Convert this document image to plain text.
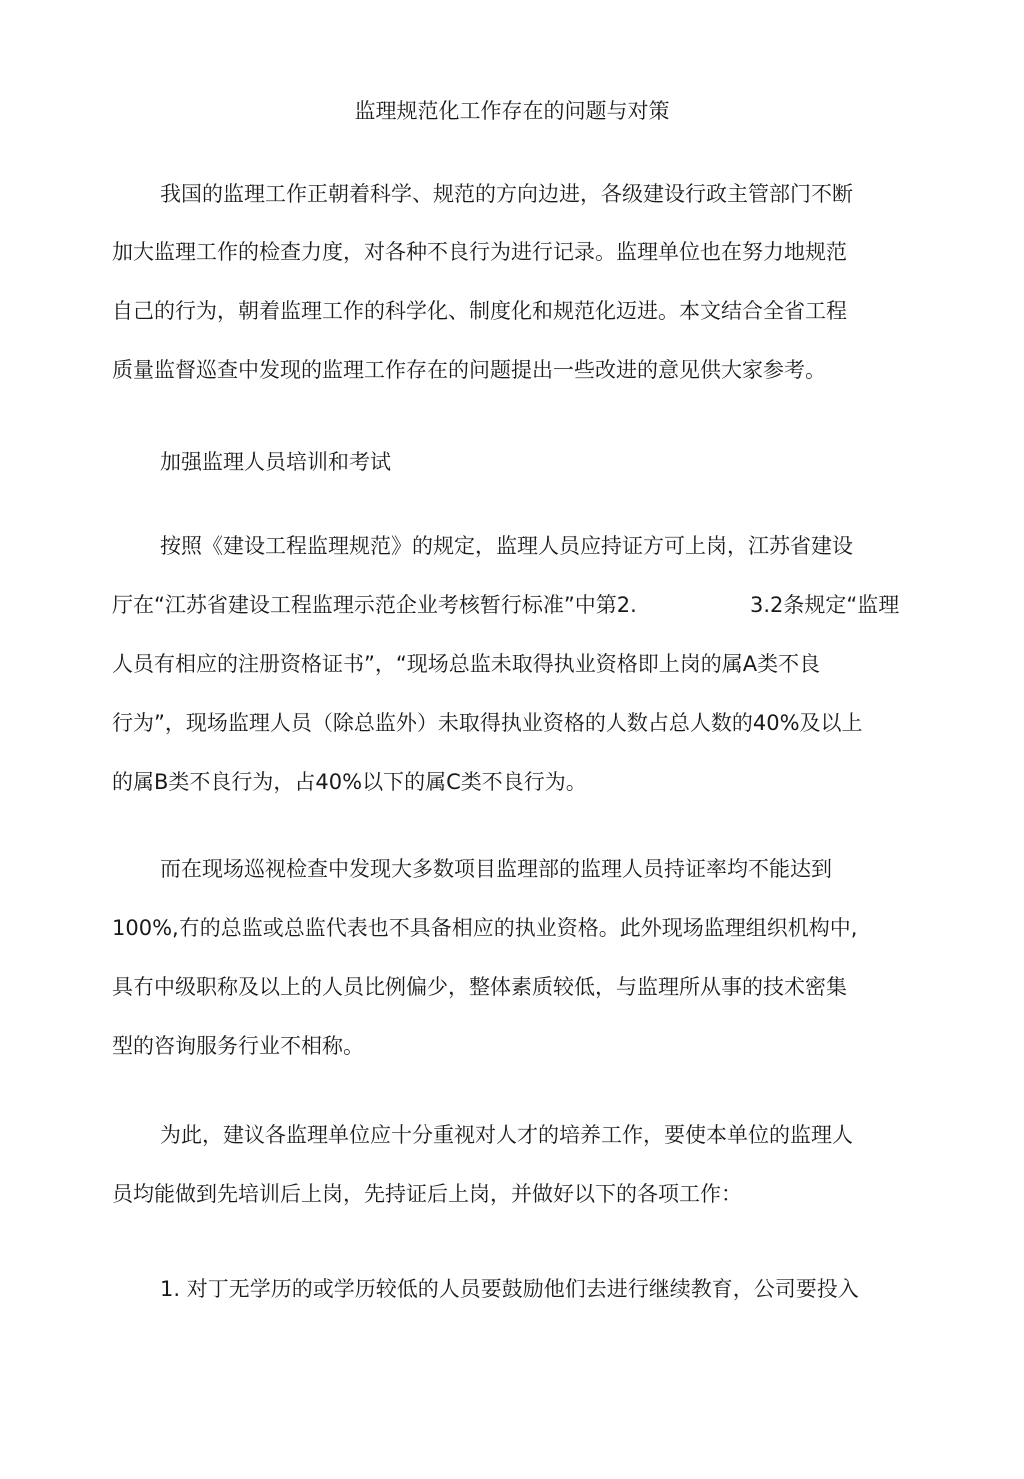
监理规范化工作存在的问题与对策
我国的监理工作正朝着科学、规范的方向边进，各级建设行政主管部门不断
加大监理工作的检查力度，对各种不良行为进行记录。监理单位也在努力地规范
自己的行为，朝着监理工作的科学化、制度化和规范化迈进。本文结合全省工程
质量监督巡查中发现的监理工作存在的问题提出一些改进的意见供大家参考。
加强监理人员培训和考试
按照《建设工程监理规范》的规定，监理人员应持证方可上岗，江苏省建设
厅在“江苏省建设工程监理示范企业考核暂行标准”中第2.	3.2条规定“监理
人员有相应的注册资格证书”，“现场总监未取得执业资格即上岗的属A类不良
行为”，现场监理人员（除总监外）未取得执业资格的人数占总人数的40%及以上
的属B类不良行为，占40%以下的属C类不良行为。
而在现场巡视检查中发现大多数项目监理部的监理人员持证率均不能达到
100%,冇的总监或总监代表也不具备相应的执业资格。此外现场监理组织机构中,
具冇中级职称及以上的人员比例偏少，整体素质较低，与监理所从事的技术密集
型的咨询服务行业不相称。
为此，建议各监理单位应十分重视对人才的培养工作，要使本单位的监理人
员均能做到先培训后上岗，先持证后上岗，并做好以下的各项工作：
1. 对丁无学历的或学历较低的人员要鼓励他们去进行继续教育，公司要投入
